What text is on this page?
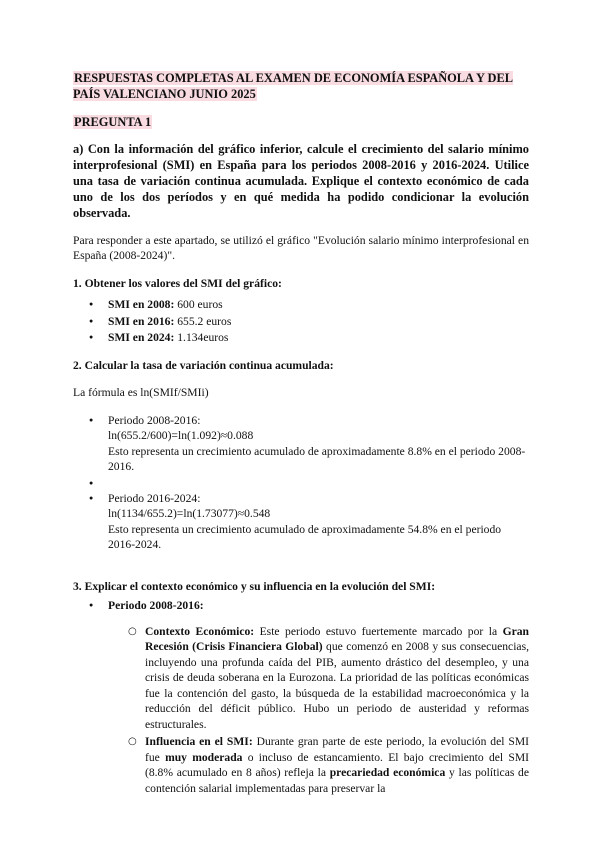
RESPUESTAS COMPLETAS AL EXAMEN DE ECONOMÍA ESPAÑOLA Y DEL PAÍS VALENCIANO JUNIO 2025
PREGUNTA 1
a) Con la información del gráfico inferior, calcule el crecimiento del salario mínimo interprofesional (SMI) en España para los periodos 2008-2016 y 2016-2024. Utilice una tasa de variación continua acumulada. Explique el contexto económico de cada uno de los dos períodos y en qué medida ha podido condicionar la evolución observada.

Para responder a este apartado, se utilizó el gráfico "Evolución salario mínimo interprofesional en España (2008-2024)".

1. Obtener los valores del SMI del gráfico:
● SMI en 2008: 600 euros
● SMI en 2016: 655.2 euros
● SMI en 2024: 1.134euros
2. Calcular la tasa de variación continua acumulada:

La fórmula es ln(SMIf/SMIi)

● Periodo 2008-2016:
ln(655.2/600)=ln(1.092)≈0.088
Esto representa un crecimiento acumulado de aproximadamente 8.8% en el periodo 2008-2016.
●
● Periodo 2016-2024:
ln(1134/655.2)=ln(1.73077)≈0.548
Esto representa un crecimiento acumulado de aproximadamente 54.8% en el periodo 2016-2024.
3. Explicar el contexto económico y su influencia en la evolución del SMI:
● Periodo 2008-2016:
○ Contexto Económico: Este periodo estuvo fuertemente marcado por la Gran Recesión (Crisis Financiera Global) que comenzó en 2008 y sus consecuencias, incluyendo una profunda caída del PIB, aumento drástico del desempleo, y una crisis de deuda soberana en la Eurozona. La prioridad de las políticas económicas fue la contención del gasto, la búsqueda de la estabilidad macroeconómica y la reducción del déficit público. Hubo un periodo de austeridad y reformas estructurales.
○ Influencia en el SMI: Durante gran parte de este periodo, la evolución del SMI fue muy moderada o incluso de estancamiento. El bajo crecimiento del SMI (8.8% acumulado en 8 años) refleja la precariedad económica y las políticas de contención salarial implementadas para preservar la
